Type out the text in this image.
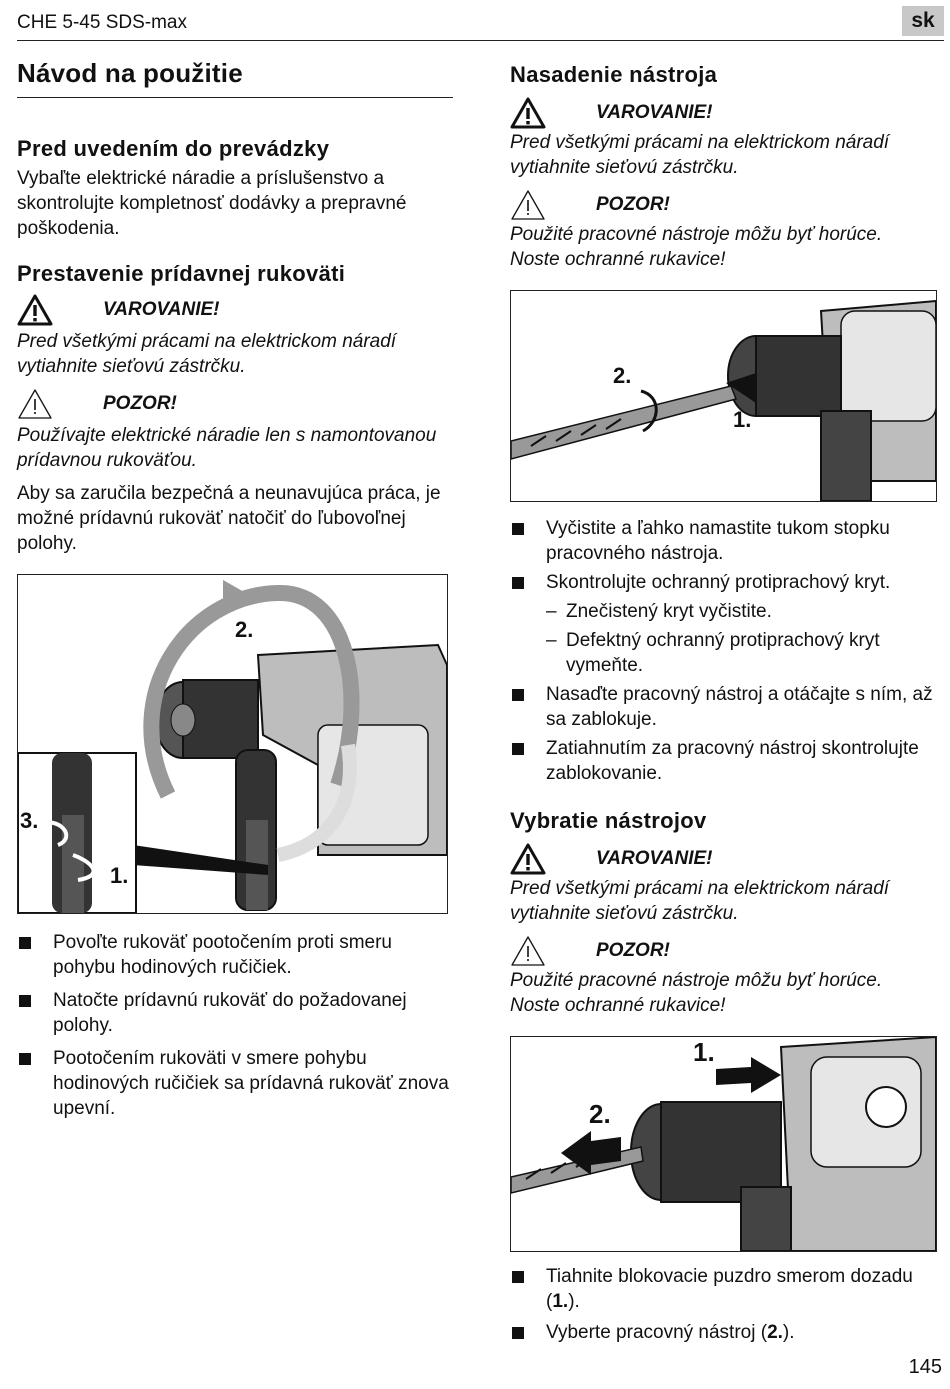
CHE 5-45 SDS-max	sk
Návod na použitie
Pred uvedením do prevádzky

Vybaľte elektrické náradie a príslušenstvo a skontrolujte kompletnosť dodávky a prepravné poškodenia.

Prestavenie prídavnej rukoväti
VAROVANIE!

Pred všetkými prácami na elektrickom náradí vytiahnite sieťovú zástrčku.

POZOR!

Používajte elektrické náradie len s namontovanou prídavnou rukoväťou.

Aby sa zaručila bezpečná a neunavujúca práca, je možné prídavnú rukoväť natočiť do ľubovoľnej polohy.

2.
3.
1.
Povoľte rukoväť pootočením proti smeru pohybu hodinových ručičiek.
Natočte prídavnú rukoväť do požadovanej polohy.
Pootočením rukoväti v smere pohybu hodinových ručičiek sa prídavná rukoväť znova upevní.
Nasadenie nástroja
VAROVANIE!

Pred všetkými prácami na elektrickom náradí vytiahnite sieťovú zástrčku.

POZOR!

Použité pracovné nástroje môžu byť horúce. Noste ochranné rukavice!

2.
1.
Vyčistite a ľahko namastite tukom stopku pracovného nástroja.
Skontrolujte ochranný protiprachový kryt.
– Znečistený kryt vyčistite.
– Defektný ochranný protiprachový kryt vymeňte.
Nasaďte pracovný nástroj a otáčajte s ním, až sa zablokuje.
Zatiahnutím za pracovný nástroj skontrolujte zablokovanie.
Vybratie nástrojov
VAROVANIE!

Pred všetkými prácami na elektrickom náradí vytiahnite sieťovú zástrčku.

POZOR!

Použité pracovné nástroje môžu byť horúce. Noste ochranné rukavice!

1.
2.
Tiahnite blokovacie puzdro smerom dozadu (1.).
Vyberte pracovný nástroj (2.).
145
